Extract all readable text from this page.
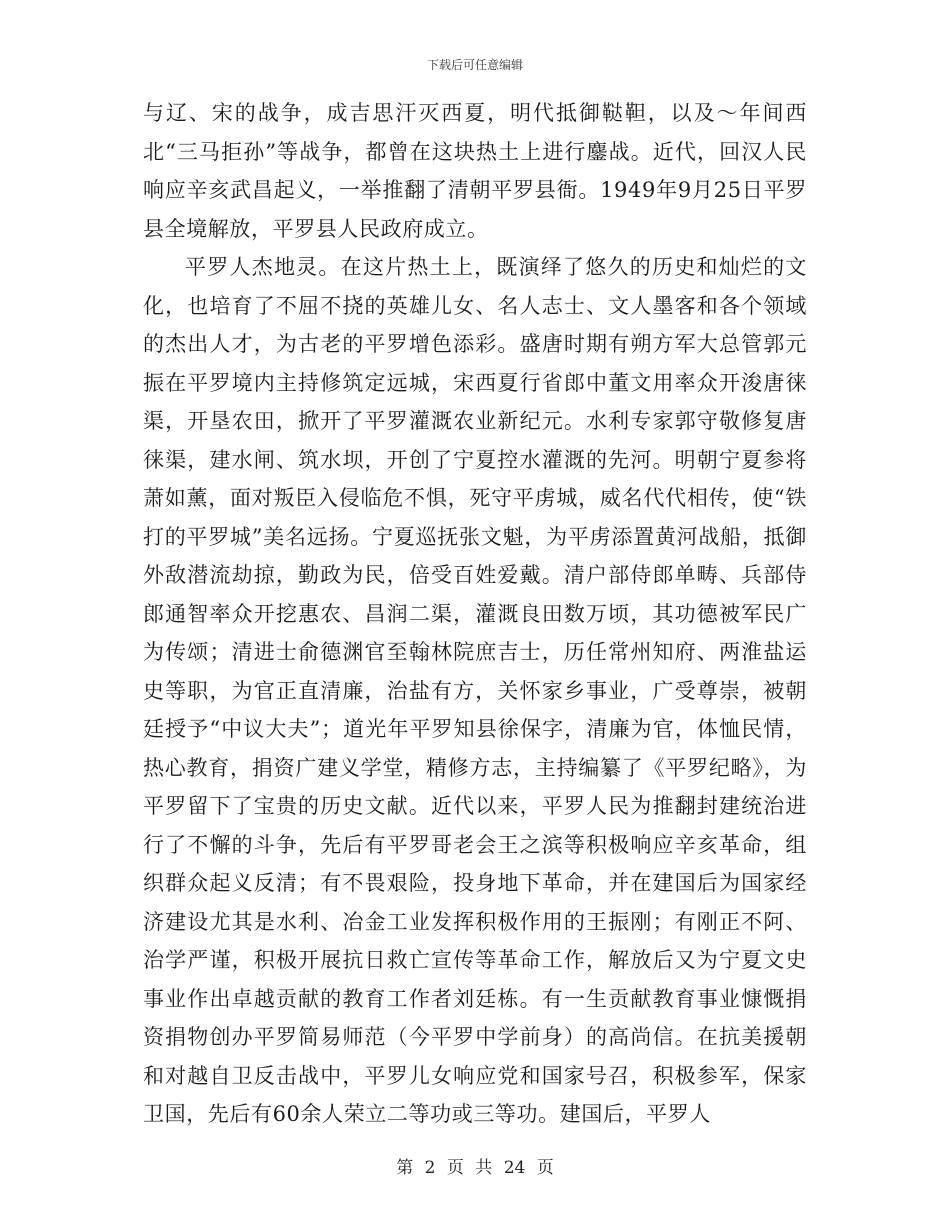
下载后可任意编辑

与辽、宋的战争，成吉思汗灭西夏，明代抵御鞑靼，以及～年间西北“三马拒孙”等战争，都曾在这块热土上进行鏖战。近代，回汉人民响应辛亥武昌起义，一举推翻了清朝平罗县衙。1949年9月25日平罗县全境解放，平罗县人民政府成立。

平罗人杰地灵。在这片热土上，既演绎了悠久的历史和灿烂的文化，也培育了不屈不挠的英雄儿女、名人志士、文人墨客和各个领域的杰出人才，为古老的平罗增色添彩。盛唐时期有朔方军大总管郭元振在平罗境内主持修筑定远城，宋西夏行省郎中董文用率众开浚唐徕渠，开垦农田，掀开了平罗灌溉农业新纪元。水利专家郭守敬修复唐徕渠，建水闸、筑水坝，开创了宁夏控水灌溉的先河。明朝宁夏参将萧如薰，面对叛臣入侵临危不惧，死守平虏城，威名代代相传，使“铁打的平罗城”美名远扬。宁夏巡抚张文魁，为平虏添置黄河战船，抵御外敌潜流劫掠，勤政为民，倍受百姓爱戴。清户部侍郎单畴、兵部侍郎通智率众开挖惠农、昌润二渠，灌溉良田数万顷，其功德被军民广为传颂；清进士俞德渊官至翰林院庶吉士，历任常州知府、两淮盐运史等职，为官正直清廉，治盐有方，关怀家乡事业，广受尊崇，被朝廷授予“中议大夫”；道光年平罗知县徐保字，清廉为官，体恤民情，热心教育，捐资广建义学堂，精修方志，主持编纂了《平罗纪略》，为平罗留下了宝贵的历史文献。近代以来，平罗人民为推翻封建统治进行了不懈的斗争，先后有平罗哥老会王之滨等积极响应辛亥革命，组织群众起义反清；有不畏艰险，投身地下革命，并在建国后为国家经济建设尤其是水利、冶金工业发挥积极作用的王振刚；有刚正不阿、治学严谨，积极开展抗日救亡宣传等革命工作，解放后又为宁夏文史事业作出卓越贡献的教育工作者刘廷栋。有一生贡献教育事业慷慨捐资捐物创办平罗简易师范（今平罗中学前身）的高尚信。在抗美援朝和对越自卫反击战中，平罗儿女响应党和国家号召，积极参军，保家卫国，先后有60余人荣立二等功或三等功。建国后，平罗人

第 2 页 共 24 页
